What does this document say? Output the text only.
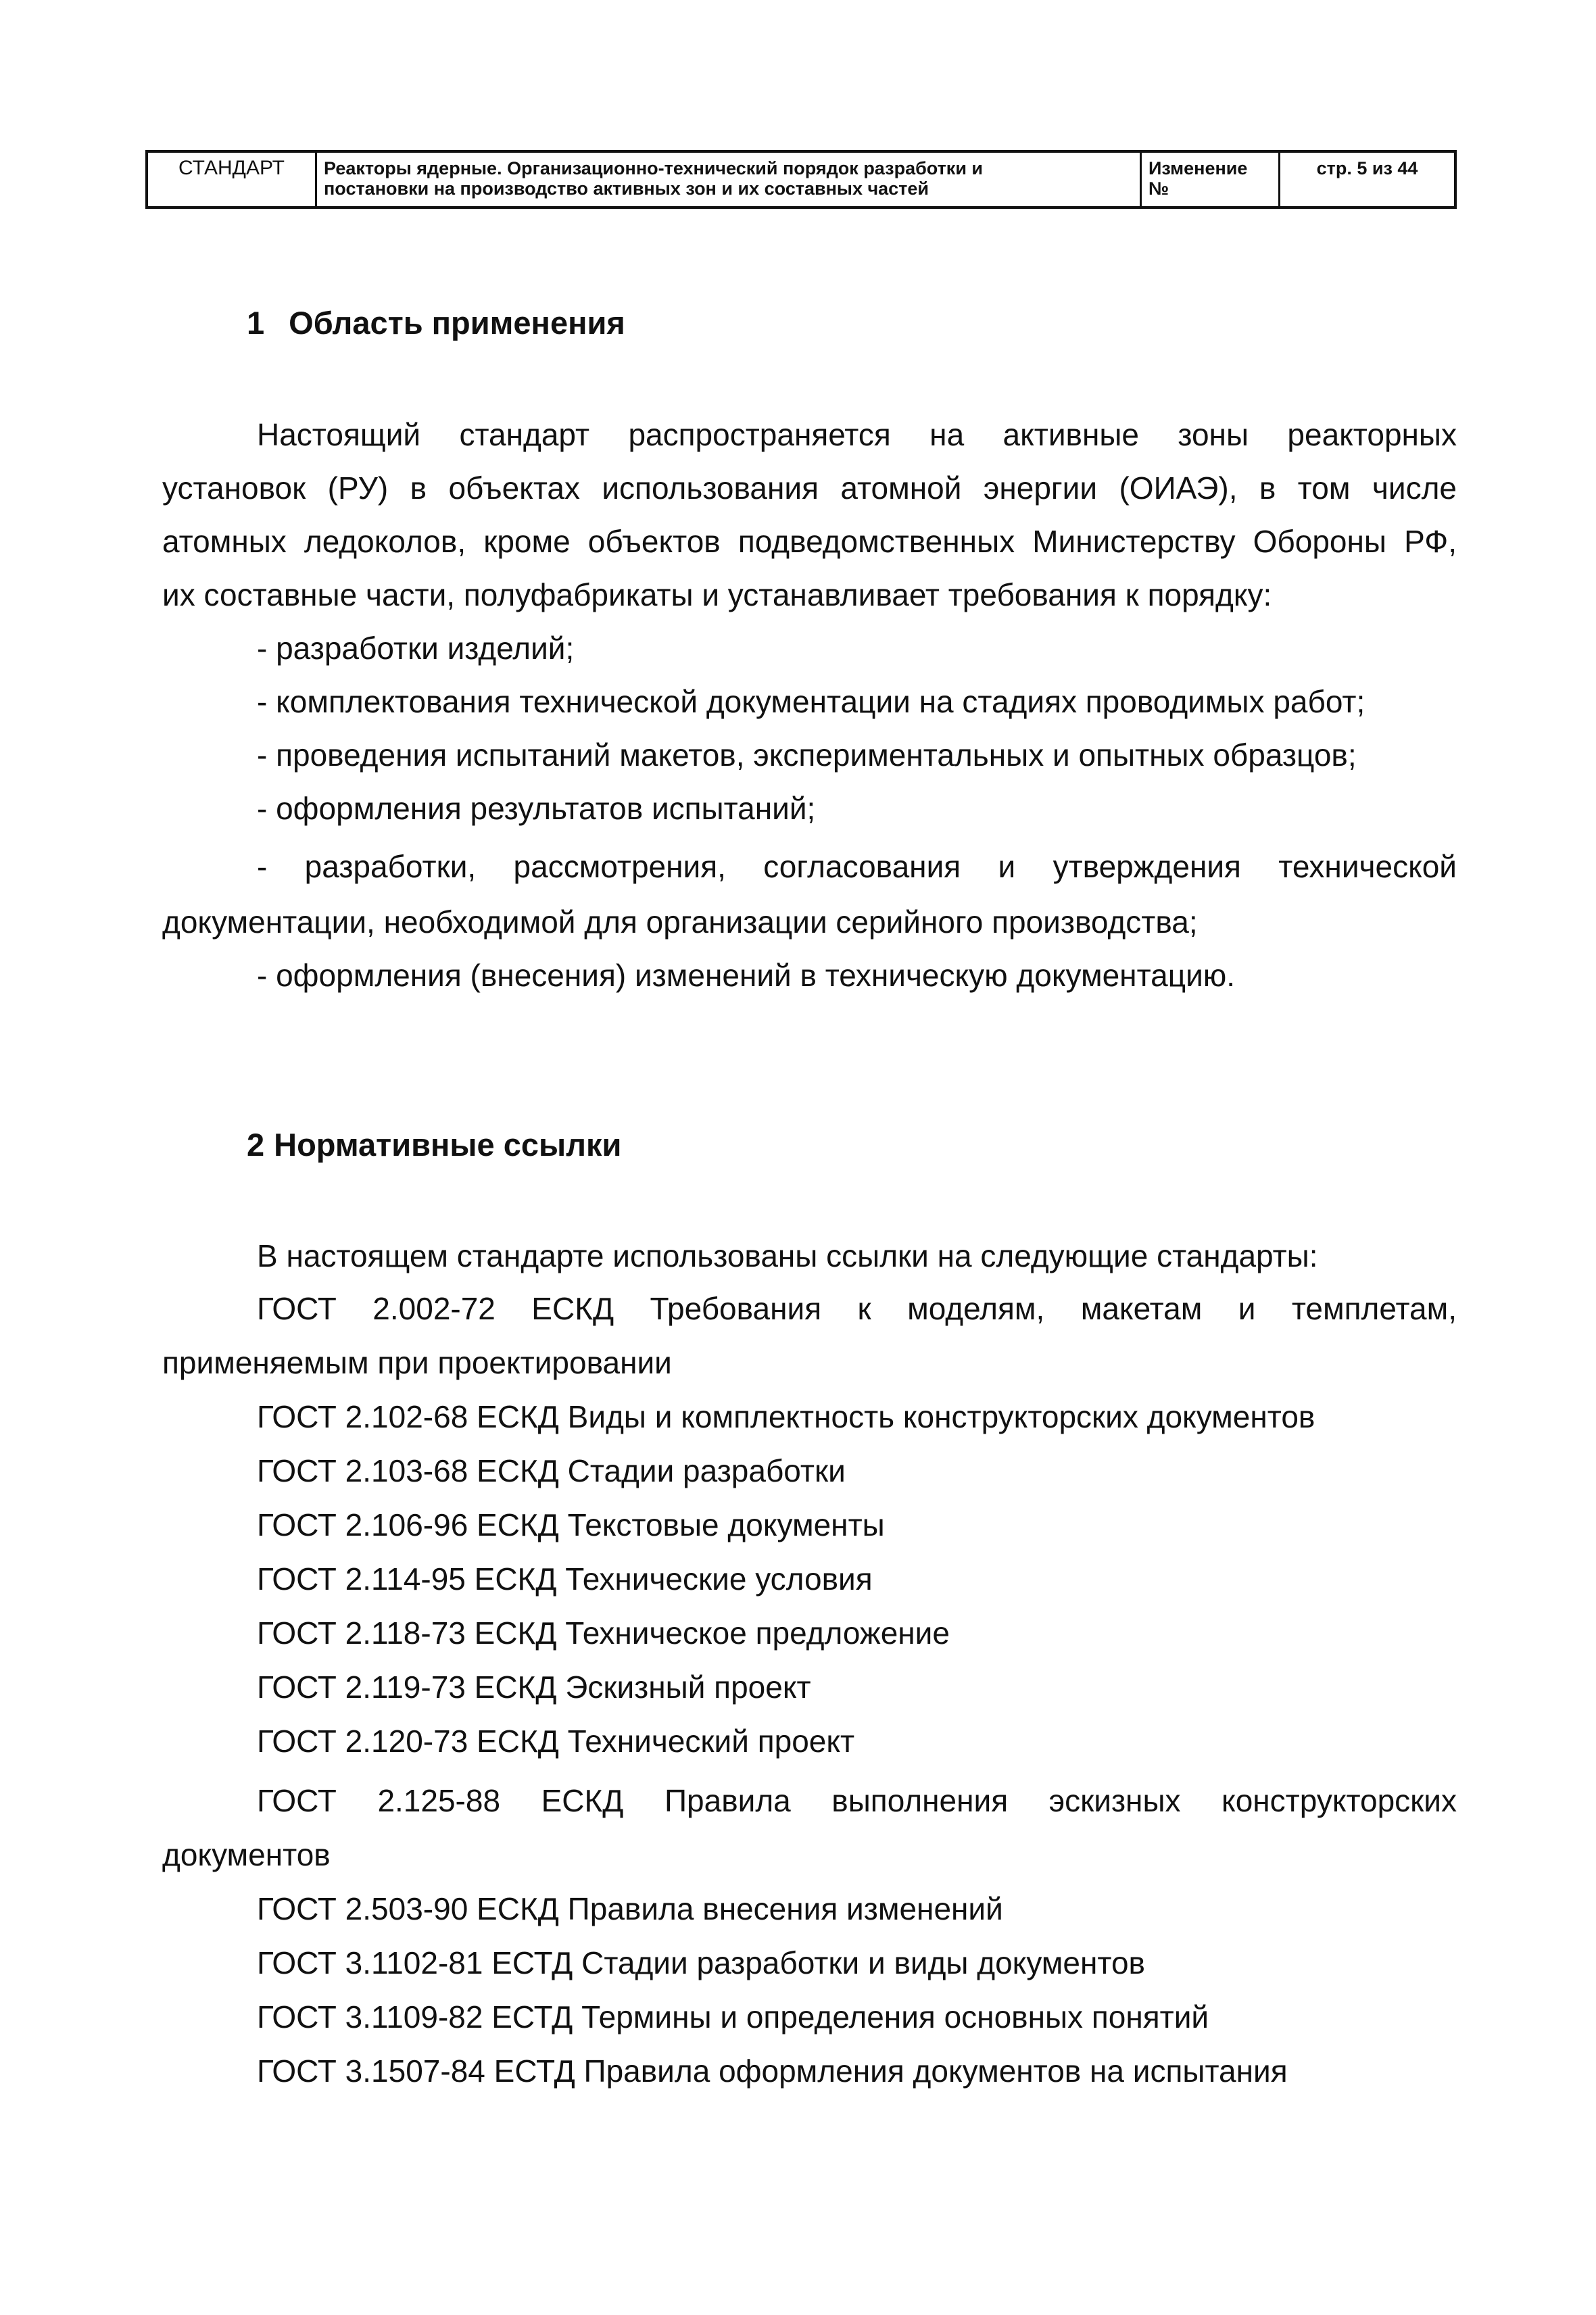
СТАНДАРТ	Реакторы ядерные. Организационно-технический порядок разработки и
постановки на производство активных зон и их составных частей
Изменение
№
стр. 5 из 44
1 Область применения
Настоящий стандарт распространяется на активные зоны реакторных
установок (РУ) в объектах использования атомной энергии (ОИАЭ), в том числе
атомных ледоколов, кроме объектов подведомственных Министерству Обороны РФ,
их составные части, полуфабрикаты и устанавливает требования к порядку:
- разработки изделий;
- комплектования технической документации на стадиях проводимых работ;
- проведения испытаний макетов, экспериментальных и опытных образцов;
- оформления результатов испытаний;
- разработки, рассмотрения, согласования и утверждения технической
документации, необходимой для организации серийного производства;
- оформления (внесения) изменений в техническую документацию.
2 Нормативные ссылки
В настоящем стандарте использованы ссылки на следующие стандарты:
ГОСТ 2.002-72 ЕСКД Требования к моделям, макетам и темплетам,
применяемым при проектировании
ГОСТ 2.102-68 ЕСКД Виды и комплектность конструкторских документов
ГОСТ 2.103-68 ЕСКД Стадии разработки
ГОСТ 2.106-96 ЕСКД Текстовые документы
ГОСТ 2.114-95 ЕСКД Технические условия
ГОСТ 2.118-73 ЕСКД Техническое предложение
ГОСТ 2.119-73 ЕСКД Эскизный проект
ГОСТ 2.120-73 ЕСКД Технический проект
ГОСТ 2.125-88 ЕСКД Правила выполнения эскизных конструкторских
документов
ГОСТ 2.503-90 ЕСКД Правила внесения изменений
ГОСТ 3.1102-81 ЕСТД Стадии разработки и виды документов
ГОСТ 3.1109-82 ЕСТД Термины и определения основных понятий
ГОСТ 3.1507-84 ЕСТД Правила оформления документов на испытания
